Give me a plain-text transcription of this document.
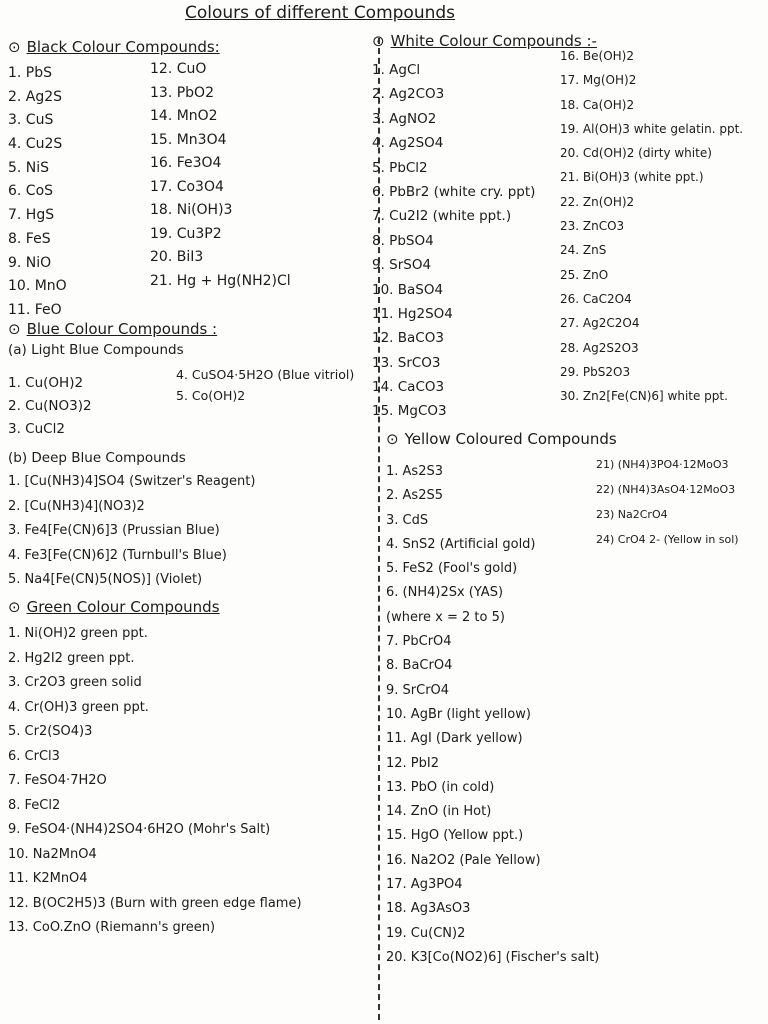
Colours of different Compounds
⊙ Black Colour Compounds:
1. PbS
2. Ag2S
3. CuS
4. Cu2S
5. NiS
6. CoS
7. HgS
8. FeS
9. NiO
10. MnO
11. FeO
12. CuO
13. PbO2
14. MnO2
15. Mn3O4
16. Fe3O4
17. Co3O4
18. Ni(OH)3
19. Cu3P2
20. BiI3
21. Hg + Hg(NH2)Cl
⊙ Blue Colour Compounds :
(a) Light Blue Compounds
1. Cu(OH)2
2. Cu(NO3)2
3. CuCl2
4. CuSO4·5H2O (Blue vitriol)
5. Co(OH)2
(b) Deep Blue Compounds
1. [Cu(NH3)4]SO4 (Switzer's Reagent)
2. [Cu(NH3)4](NO3)2
3. Fe4[Fe(CN)6]3 (Prussian Blue)
4. Fe3[Fe(CN)6]2 (Turnbull's Blue)
5. Na4[Fe(CN)5(NOS)] (Violet)
⊙ Green Colour Compounds
1. Ni(OH)2 green ppt.
2. Hg2I2 green ppt.
3. Cr2O3 green solid
4. Cr(OH)3 green ppt.
5. Cr2(SO4)3
6. CrCl3
7. FeSO4·7H2O
8. FeCl2
9. FeSO4·(NH4)2SO4·6H2O (Mohr's Salt)
10. Na2MnO4
11. K2MnO4
12. B(OC2H5)3 (Burn with green edge flame)
13. CoO.ZnO (Riemann's green)
⊙ White Colour Compounds :-
1. AgCl
2. Ag2CO3
3. AgNO2
4. Ag2SO4
5. PbCl2
6. PbBr2 (white cry. ppt)
7. Cu2I2 (white ppt.)
8. PbSO4
9. SrSO4
10. BaSO4
11. Hg2SO4
12. BaCO3
13. SrCO3
14. CaCO3
15. MgCO3
16. Be(OH)2
17. Mg(OH)2
18. Ca(OH)2
19. Al(OH)3 white gelatin. ppt.
20. Cd(OH)2 (dirty white)
21. Bi(OH)3 (white ppt.)
22. Zn(OH)2
23. ZnCO3
24. ZnS
25. ZnO
26. CaC2O4
27. Ag2C2O4
28. Ag2S2O3
29. PbS2O3
30. Zn2[Fe(CN)6] white ppt.
⊙ Yellow Coloured Compounds
1. As2S3
2. As2S5
3. CdS
4. SnS2 (Artificial gold)
5. FeS2 (Fool's gold)
6. (NH4)2Sx (YAS)
(where x = 2 to 5)
7. PbCrO4
8. BaCrO4
9. SrCrO4
10. AgBr (light yellow)
11. AgI (Dark yellow)
12. PbI2
13. PbO (in cold)
14. ZnO (in Hot)
15. HgO (Yellow ppt.)
16. Na2O2 (Pale Yellow)
17. Ag3PO4
18. Ag3AsO3
19. Cu(CN)2
20. K3[Co(NO2)6] (Fischer's salt)
21) (NH4)3PO4·12MoO3
22) (NH4)3AsO4·12MoO3
23) Na2CrO4
24) CrO4 2- (Yellow in sol)
